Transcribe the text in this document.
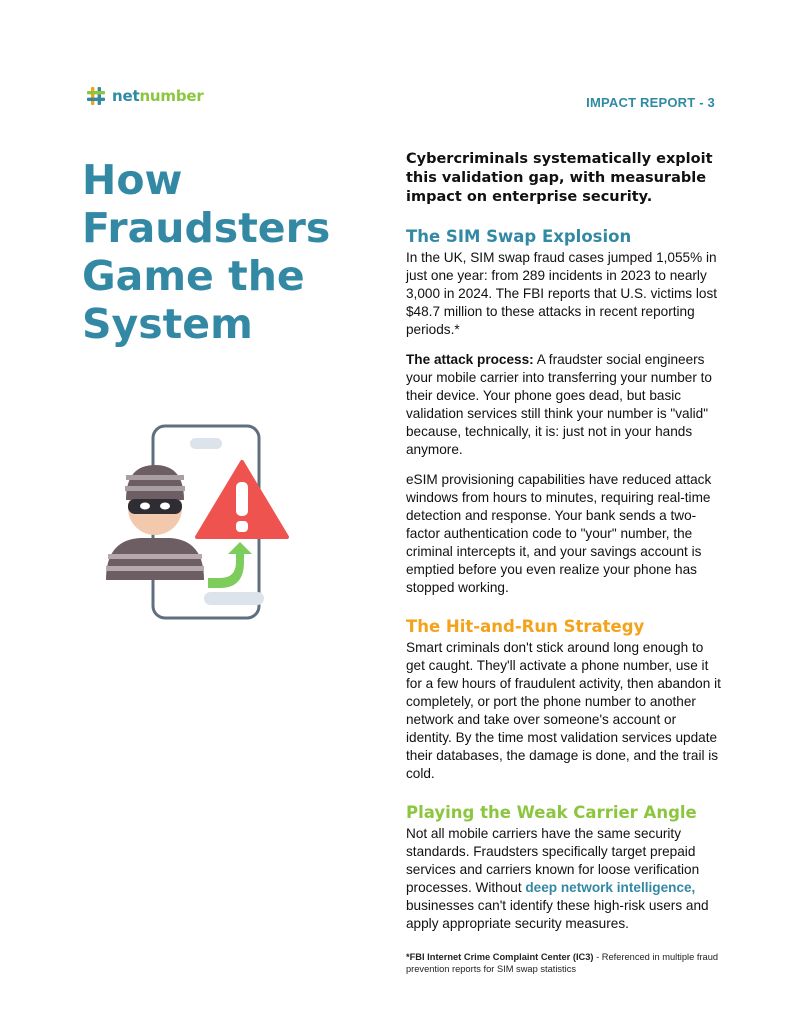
netnumber	IMPACT REPORT - 3
How Fraudsters Game the System

Cybercriminals systematically exploit this validation gap, with measurable impact on enterprise security.

The SIM Swap Explosion

In the UK, SIM swap fraud cases jumped 1,055% in just one year: from 289 incidents in 2023 to nearly 3,000 in 2024. The FBI reports that U.S. victims lost $48.7 million to these attacks in recent reporting periods.*

The attack process: A fraudster social engineers your mobile carrier into transferring your number to their device. Your phone goes dead, but basic validation services still think your number is "valid" because, technically, it is: just not in your hands anymore.

eSIM provisioning capabilities have reduced attack windows from hours to minutes, requiring real-time detection and response. Your bank sends a two-factor authentication code to "your" number, the criminal intercepts it, and your savings account is emptied before you even realize your phone has stopped working.

The Hit-and-Run Strategy

Smart criminals don't stick around long enough to get caught. They'll activate a phone number, use it for a few hours of fraudulent activity, then abandon it completely, or port the phone number to another network and take over someone's account or identity. By the time most validation services update their databases, the damage is done, and the trail is cold.

Playing the Weak Carrier Angle

Not all mobile carriers have the same security standards. Fraudsters specifically target prepaid services and carriers known for loose verification processes. Without deep network intelligence, businesses can't identify these high-risk users and apply appropriate security measures.

*FBI Internet Crime Complaint Center (IC3) - Referenced in multiple fraud prevention reports for SIM swap statistics
